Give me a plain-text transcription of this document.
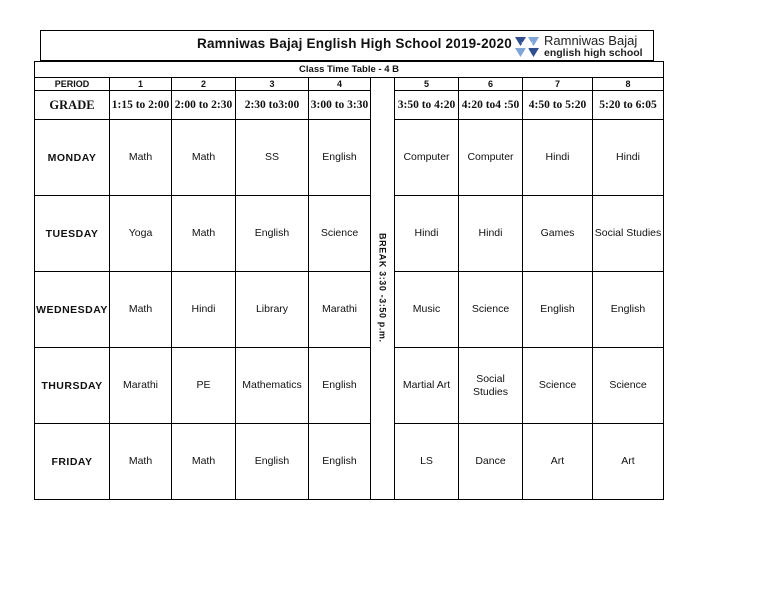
Ramniwas Bajaj English High School 2019-2020 Ramniwas Bajaj
english high school
Class Time Table - 4 B									
PERIOD	1	2	3	4	BREAK 3:30 -3:50 p.m.	5	6	7	8
GRADE	1:15 to 2:00	2:00 to 2:30	2:30 to3:00	3:00 to 3:30		3:50 to 4:20	4:20 to4 :50	4:50 to 5:20	5:20 to 6:05
MONDAY	Math	Math	SS	English		Computer	Computer	Hindi	Hindi
TUESDAY	Yoga	Math	English	Science		Hindi	Hindi	Games	Social Studies
WEDNESDAY	Math	Hindi	Library	Marathi		Music	Science	English	English
THURSDAY	Marathi	PE	Mathematics	English		Martial Art	Social Studies	Science	Science
FRIDAY	Math	Math	English	English		LS	Dance	Art	Art
